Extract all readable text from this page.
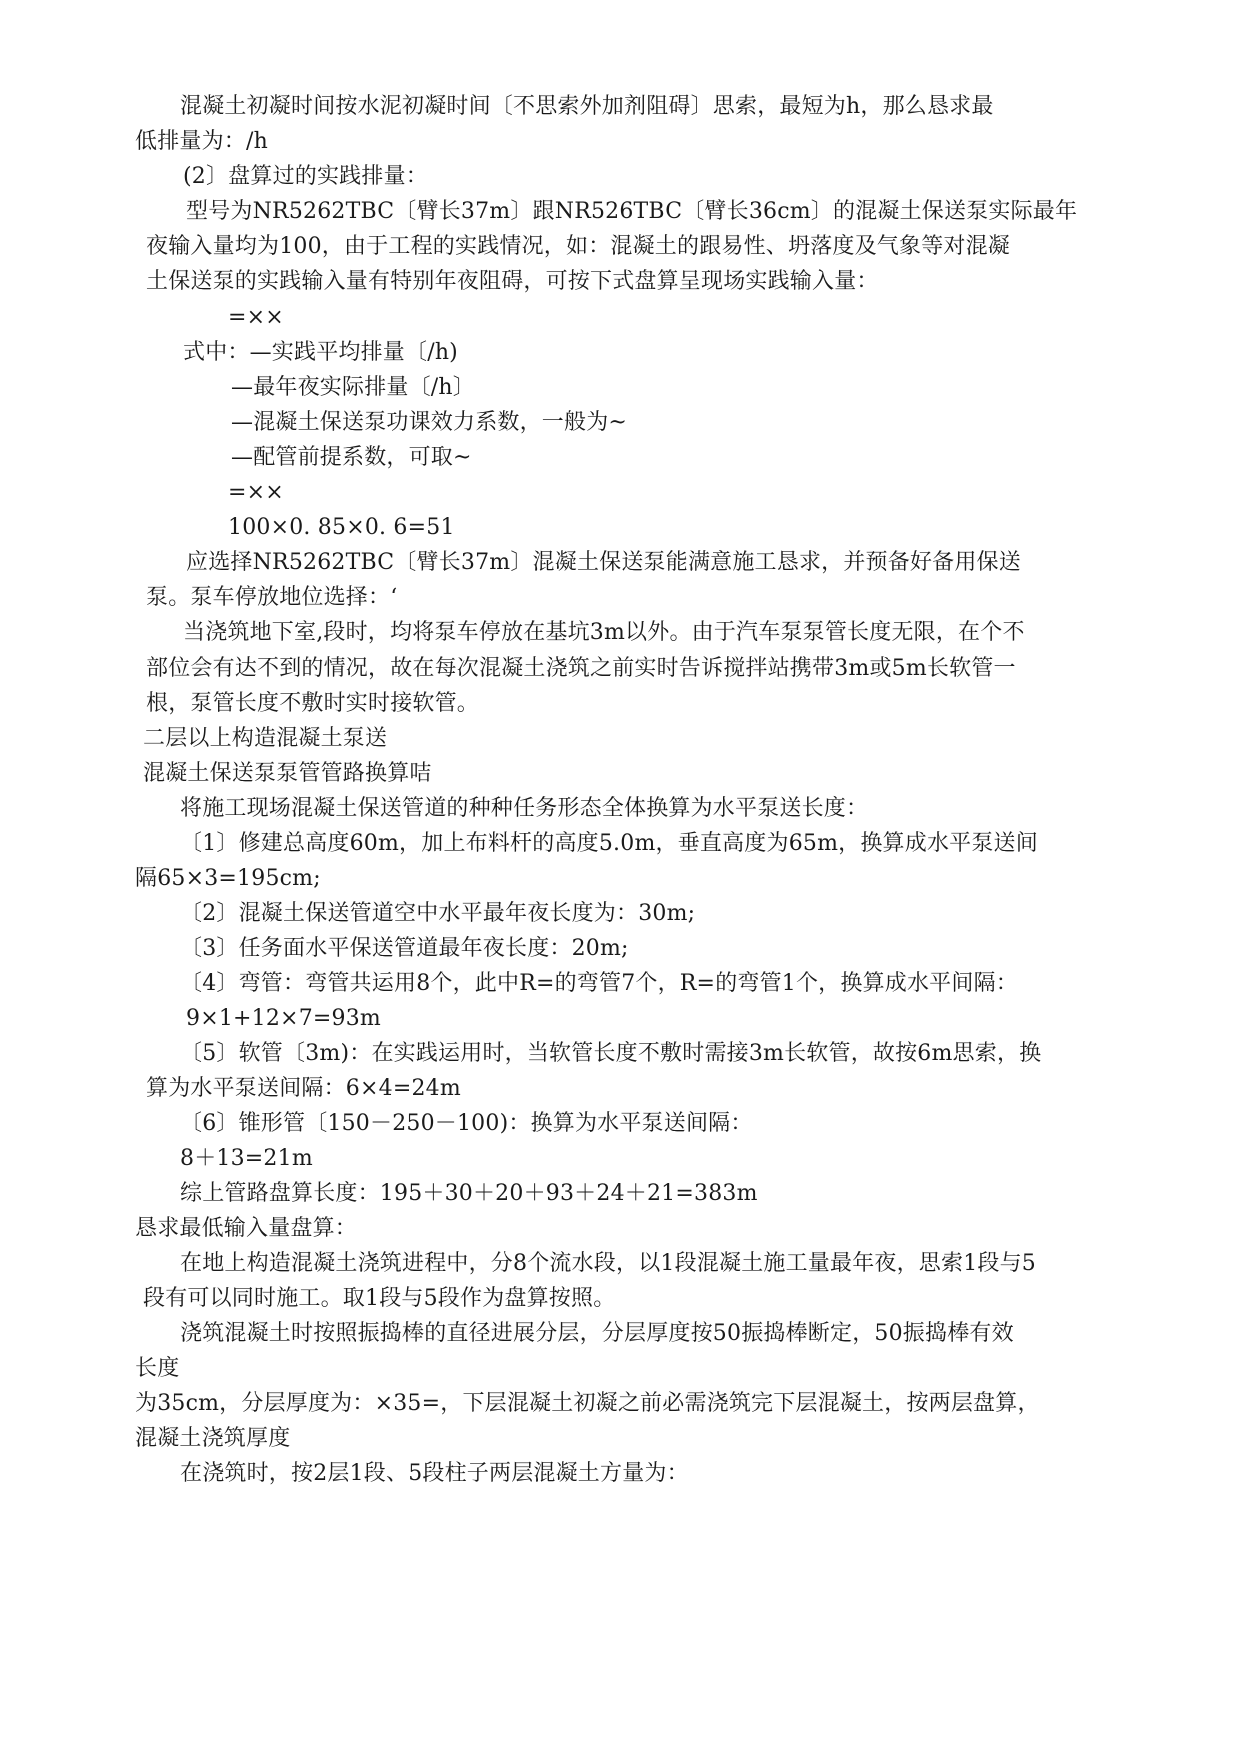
混凝土初凝时间按水泥初凝时间〔不思索外加剂阻碍〕思索，最短为h，那么恳求最
低排量为：/h
(2〕盘算过的实践排量：
型号为NR5262TBC〔臂长37m〕跟NR526TBC〔臂长36cm〕的混凝土保送泵实际最年
夜输入量均为100，由于工程的实践情况，如：混凝土的跟易性、坍落度及气象等对混凝
土保送泵的实践输入量有特别年夜阻碍，可按下式盘算呈现场实践输入量：
=××
式中：—实践平均排量〔/h)
—最年夜实际排量〔/h〕
—混凝土保送泵功课效力系数，一般为~
—配管前提系数，可取~
=××
100×0. 85×0. 6=51
应选择NR5262TBC〔臂长37m〕混凝土保送泵能满意施工恳求，并预备好备用保送
泵。泵车停放地位选择：‘
当浇筑地下室,段时，均将泵车停放在基坑3m以外。由于汽车泵泵管长度无限，在个不
部位会有达不到的情况，故在每次混凝土浇筑之前实时告诉搅拌站携带3m或5m长软管一
根，泵管长度不敷时实时接软管。
二层以上构造混凝土泵送
混凝土保送泵泵管管路换算咭
将施工现场混凝土保送管道的种种任务形态全体换算为水平泵送长度：
〔1〕修建总高度60m，加上布料杆的高度5.0m，垂直高度为65m，换算成水平泵送间
隔65×3=195cm;
〔2〕混凝土保送管道空中水平最年夜长度为：30m;
〔3〕任务面水平保送管道最年夜长度：20m;
〔4〕弯管：弯管共运用8个，此中R=的弯管7个，R=的弯管1个，换算成水平间隔：
9×1+12×7=93m
〔5〕软管〔3m)：在实践运用时，当软管长度不敷时需接3m长软管，故按6m思索，换
算为水平泵送间隔：6×4=24m
〔6〕锥形管〔150－250－100)：换算为水平泵送间隔：
8＋13=21m
综上管路盘算长度：195＋30＋20＋93＋24＋21=383m
恳求最低输入量盘算：
在地上构造混凝土浇筑进程中，分8个流水段，以1段混凝土施工量最年夜，思索1段与5
段有可以同时施工。取1段与5段作为盘算按照。
浇筑混凝土时按照振捣棒的直径进展分层，分层厚度按50振捣棒断定，50振捣棒有效
长度
为35cm，分层厚度为：×35=，下层混凝土初凝之前必需浇筑完下层混凝土，按两层盘算，
混凝土浇筑厚度
在浇筑时，按2层1段、5段柱子两层混凝土方量为：
